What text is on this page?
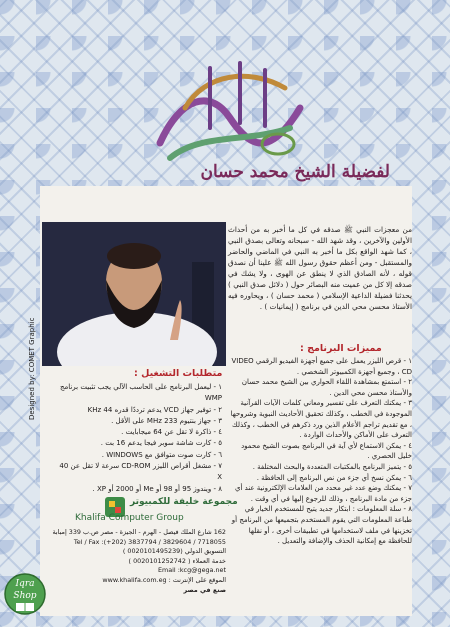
لفضيلة الشيخ محمد حسان
من معجزات النبي ﷺ صدقه في كل ما أخبر به من أحداث الأولين والآخرين ، وقد شهد الله - سبحانه وتعالى بصدق النبي ، كما شهد الواقع بكل ما أخبر به النبي في الماضي والحاضر والمستقبل - ومن أعظم حقوق رسول الله ﷺ علينا أن نصدق قوله ، لأنه الصادق الذي لا ينطق عن الهوى ، ولا يشك في صدقه إلا كل من عميت منه البصائر حول ( دلائل صدق النبي ) يحدثنا فضيلة الداعية الإسلامي ( محمد حسان ) ، ويحاوره فيه الأستاذ محسن محي الدين في برنامج ( إيمانيات ) .
مميزات البرنامج :
١ - قرص الليزر يعمل على جميع أجهزة الفيديو الرقمي VIDEO CD ، وجميع أجهزة الكمبيوتر الشخصي .
٢ - استمتع بمشاهدة اللقاء الحواري بين الشيخ محمد حسان والأستاذ محسن محي الدين .
٣ - يمكنك التعرف على تفسير ومعاني كلمات الآيات القرآنية الموجودة في الخطب ، وكذلك تحقيق الأحاديث النبوية وشروحها ، مع تقديم تراجم الأعلام الذين ورد ذكرهم في الخطب ، وكذلك التعرف على الأماكن والأحداث الواردة .
٤ - يمكن الاستماع لأي آية في البرنامج بصوت الشيخ محمود خليل الحصري .
٥ - يتميز البرنامج بالمكتبات المتعددة والبحث المختلفة .
٦ - يمكن نسخ أي جزء من نص البرنامج إلى الحافظة .
٧ - يمكنك وضع عدد غير محدد من العلامات الإلكترونية عند أي جزء من مادة البرنامج ، وذلك للرجوع إليها في أي وقت .
٨ - سلة المعلومات : ابتكار جديد يتيح للمستخدم الخيار في طباعة المعلومات التي يقوم المستخدم بتجميعها من البرنامج أو تخزينها في ملف لاستخدامها في تطبيقات أخرى ، أو نقلها للحافظة مع إمكانية الحذف والإضافة والتعديل .
متطلبات التشغيل :
١ - ليعمل البرنامج على الحاسب الآلي يجب تثبيت برنامج WMP
٢ - توفير جهاز VCD يدعم ترددًا قدره KHz 44
٣ - جهاز بنتيوم MHz 233 على الأقل .
٤ - ذاكرة لا تقل عن 64 ميجابايت .
٥ - كارت شاشة سوبر فيجا يدعم 16 بت .
٦ - كارت صوت متوافق مع WINDOWS .
٧ - مشغل أقراص الليزر CD-ROM سرعة لا تقل عن 40 X
٨ - ويندوز 95 أو 98 أو Me أو 2000 أو XP .
Designed by: COMET Graphic
مجموعة خليفة للكمبيوتر
Khalifa Computer Group
162 شارع الملك فيصل - الهرم - الجيزة - مصر ص.ب 339 إمبابة
Tel / Fax :(+202) 3837794 / 3829604 / 7718055
التسويق الدولي (0020101495239 )
خدمة العملاء ( 0020101252742 )
Email :kcg@gega.net
الموقع على الإنترنت : www.khalifa.com.eg
صنع في مصر
Iqra
Shop
